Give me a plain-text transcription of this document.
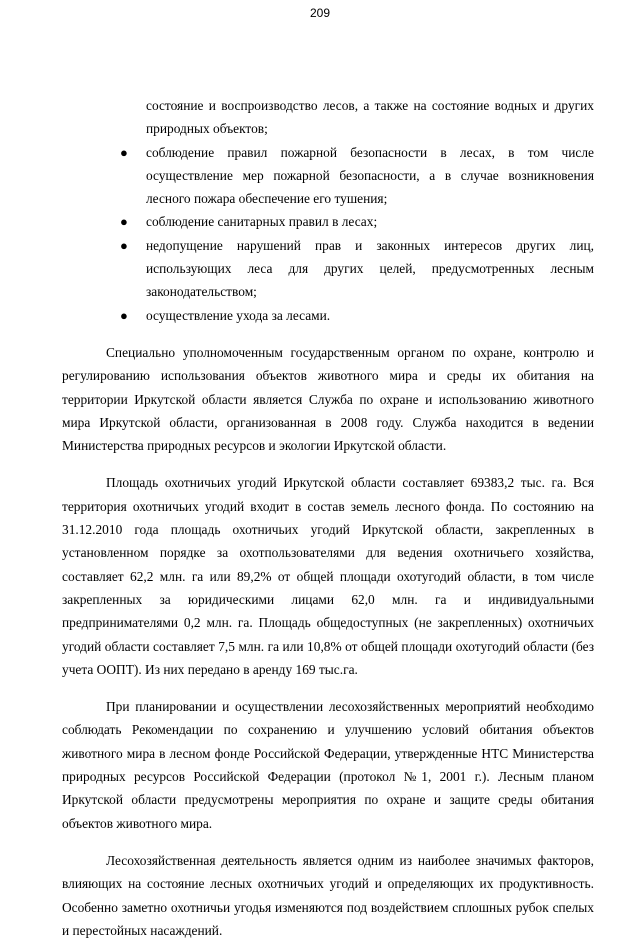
209
состояние и воспроизводство лесов, а также на состояние водных и других природных объектов;
● соблюдение правил пожарной безопасности в лесах, в том числе осуществление мер пожарной безопасности, а в случае возникновения лесного пожара обеспечение его тушения;
● соблюдение санитарных правил в лесах;
● недопущение нарушений прав и законных интересов других лиц, использующих леса для других целей, предусмотренных лесным законодательством;
● осуществление ухода за лесами.

Специально уполномоченным государственным органом по охране, контролю и регулированию использования объектов животного мира и среды их обитания на территории Иркутской области является Служба по охране и использованию животного мира Иркутской области, организованная в 2008 году. Служба находится в ведении Министерства природных ресурсов и экологии Иркутской области.

Площадь охотничьих угодий Иркутской области составляет 69383,2 тыс. га. Вся территория охотничьих угодий входит в состав земель лесного фонда. По состоянию на 31.12.2010 года площадь охотничьих угодий Иркутской области, закрепленных в установленном порядке за охотпользователями для ведения охотничьего хозяйства, составляет 62,2 млн. га или 89,2% от общей площади охотугодий области, в том числе закрепленных за юридическими лицами 62,0 млн. га и индивидуальными предпринимателями 0,2 млн. га. Площадь общедоступных (не закрепленных) охотничьих угодий области составляет 7,5 млн. га или 10,8% от общей площади охотугодий области (без учета ООПТ). Из них передано в аренду 169 тыс.га.

При планировании и осуществлении лесохозяйственных мероприятий необходимо соблюдать Рекомендации по сохранению и улучшению условий обитания объектов животного мира в лесном фонде Российской Федерации, утвержденные НТС Министерства природных ресурсов Российской Федерации (протокол №1, 2001 г.). Лесным планом Иркутской области предусмотрены мероприятия по охране и защите среды обитания объектов животного мира.

Лесохозяйственная деятельность является одним из наиболее значимых факторов, влияющих на состояние лесных охотничьих угодий и определяющих их продуктивность. Особенно заметно охотничьи угодья изменяются под воздействием сплошных рубок спелых и перестойных насаждений.
